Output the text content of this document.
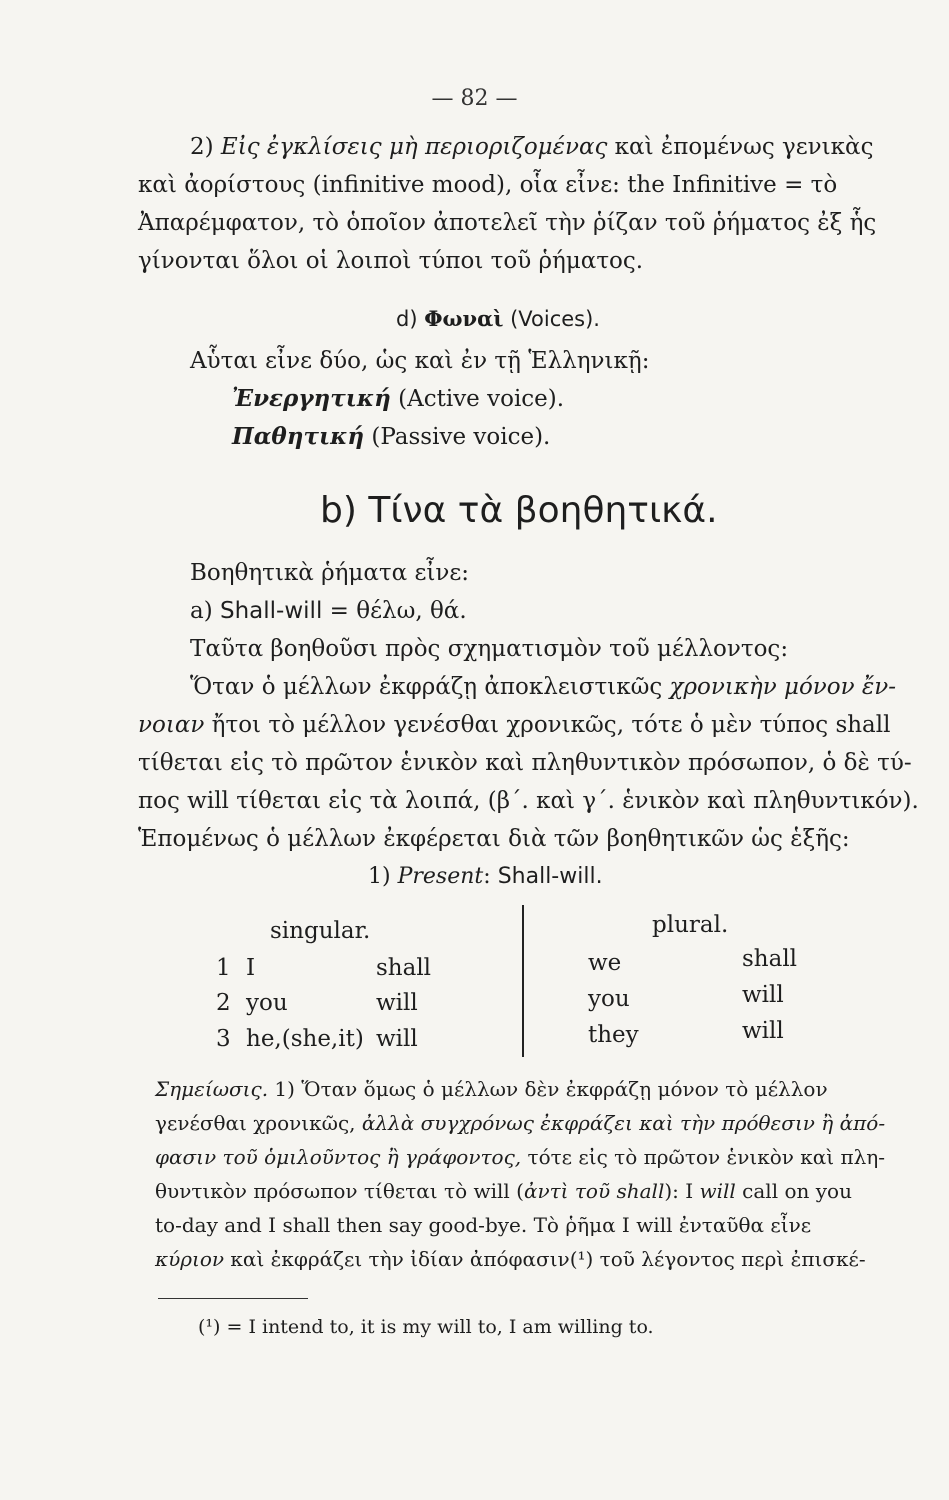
— 82 —
2) Εἰς ἐγκλίσεις μὴ περιοριζομένας καὶ ἐπομένως γενικὰς
καὶ ἀορίστους (infinitive mood), οἷα εἶνε: the Infinitive = τὸ
Ἀπαρέμφατον, τὸ ὁποῖον ἀποτελεῖ τὴν ῥίζαν τοῦ ῥήματος ἐξ ἧς
γίνονται ὅλοι οἱ λοιποὶ τύποι τοῦ ῥήματος.
d) Φωναὶ (Voices).
Αὗται εἶνε δύο, ὡς καὶ ἐν τῇ Ἑλληνικῇ:
Ἐνεργητική (Active voice).
Παθητική (Passive voice).
b) Τίνα τὰ βοηθητικά.
Βοηθητικὰ ῥήματα εἶνε:
a) Shall-will = θέλω, θά.
Ταῦτα βοηθοῦσι πρὸς σχηματισμὸν τοῦ μέλλοντος:
Ὅταν ὁ μέλλων ἐκφράζῃ ἀποκλειστικῶς χρονικὴν μόνον ἔν-
νοιαν ἤτοι τὸ μέλλον γενέσθαι χρονικῶς, τότε ὁ μὲν τύπος shall
τίθεται εἰς τὸ πρῶτον ἑνικὸν καὶ πληθυντικὸν πρόσωπον, ὁ δὲ τύ-
πος will τίθεται εἰς τὰ λοιπά, (β΄. καὶ γ΄. ἑνικὸν καὶ πληθυντικόν).
Ἑπομένως ὁ μέλλων ἐκφέρεται διὰ τῶν βοηθητικῶν ὡς ἑξῆς:
1) Present: Shall-will.
singular.	plural.
1 I	shall	we	shall
2 you	will	you	will
3 he,(she,it) will	they	will
Σημείωσις. 1) Ὅταν ὅμως ὁ μέλλων δὲν ἐκφράζῃ μόνον τὸ μέλλον
γενέσθαι χρονικῶς, ἀλλὰ συγχρόνως ἐκφράζει καὶ τὴν πρόθεσιν ἢ ἀπό-
φασιν τοῦ ὁμιλοῦντος ἢ γράφοντος, τότε εἰς τὸ πρῶτον ἑνικὸν καὶ πλη-
θυντικὸν πρόσωπον τίθεται τὸ will (ἀντὶ τοῦ shall): I will call on you
to-day and I shall then say good-bye. Τὸ ῥῆμα I will ἐνταῦθα εἶνε
κύριον καὶ ἐκφράζει τὴν ἰδίαν ἀπόφασιν(¹) τοῦ λέγοντος περὶ ἐπισκέ-
(¹) = I intend to, it is my will to, I am willing to.
